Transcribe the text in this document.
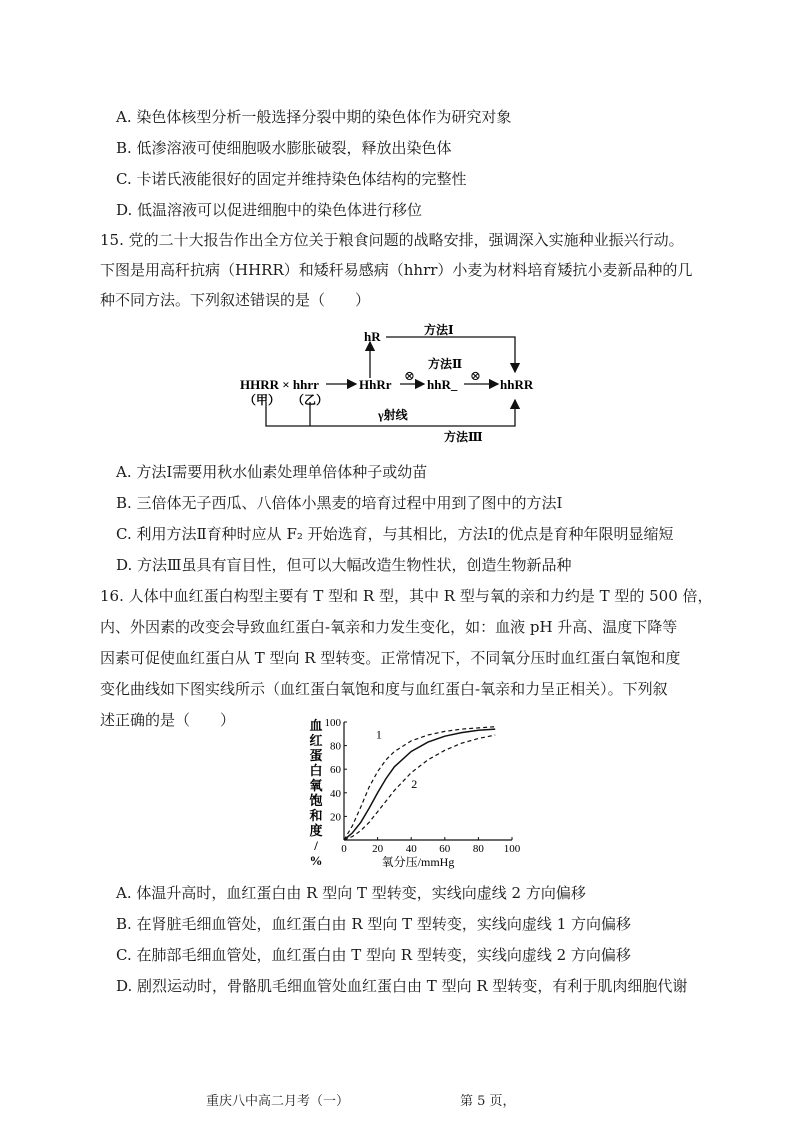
A. 染色体核型分析一般选择分裂中期的染色体作为研究对象
B. 低渗溶液可使细胞吸水膨胀破裂，释放出染色体
C. 卡诺氏液能很好的固定并维持染色体结构的完整性
D. 低温溶液可以促进细胞中的染色体进行移位
15. 党的二十大报告作出全方位关于粮食问题的战略安排，强调深入实施种业振兴行动。
下图是用高秆抗病（HHRR）和矮秆易感病（hhrr）小麦为材料培育矮抗小麦新品种的几
种不同方法。下列叙述错误的是（　　）
HHRR × hhrr
（甲） （乙）
HhRr
hR
hhR_	hhRR
⊗	⊗
方法Ⅰ
方法Ⅱ
γ射线
方法Ⅲ
A. 方法Ⅰ需要用秋水仙素处理单倍体种子或幼苗
B. 三倍体无子西瓜、八倍体小黑麦的培育过程中用到了图中的方法Ⅰ
C. 利用方法Ⅱ育种时应从 F₂ 开始选育，与其相比，方法Ⅰ的优点是育种年限明显缩短
D. 方法Ⅲ虽具有盲目性，但可以大幅改造生物性状，创造生物新品种
16. 人体中血红蛋白构型主要有 T 型和 R 型，其中 R 型与氧的亲和力约是 T 型的 500 倍，
内、外因素的改变会导致血红蛋白-氧亲和力发生变化，如：血液 pH 升高、温度下降等
因素可促使血红蛋白从 T 型向 R 型转变。正常情况下，不同氧分压时血红蛋白氧饱和度
变化曲线如下图实线所示（血红蛋白氧饱和度与血红蛋白-氧亲和力呈正相关）。下列叙
述正确的是（　　）
0 20 40 60 80 100
20
40
60
80
100
氧分压/mmHg
血红蛋白氧饱和度/ %
1
2
A. 体温升高时，血红蛋白由 R 型向 T 型转变，实线向虚线 2 方向偏移
B. 在肾脏毛细血管处，血红蛋白由 R 型向 T 型转变，实线向虚线 1 方向偏移
C. 在肺部毛细血管处，血红蛋白由 T 型向 R 型转变，实线向虚线 2 方向偏移
D. 剧烈运动时，骨骼肌毛细血管处血红蛋白由 T 型向 R 型转变，有利于肌肉细胞代谢
重庆八中高二月考（一）	第 5 页，
